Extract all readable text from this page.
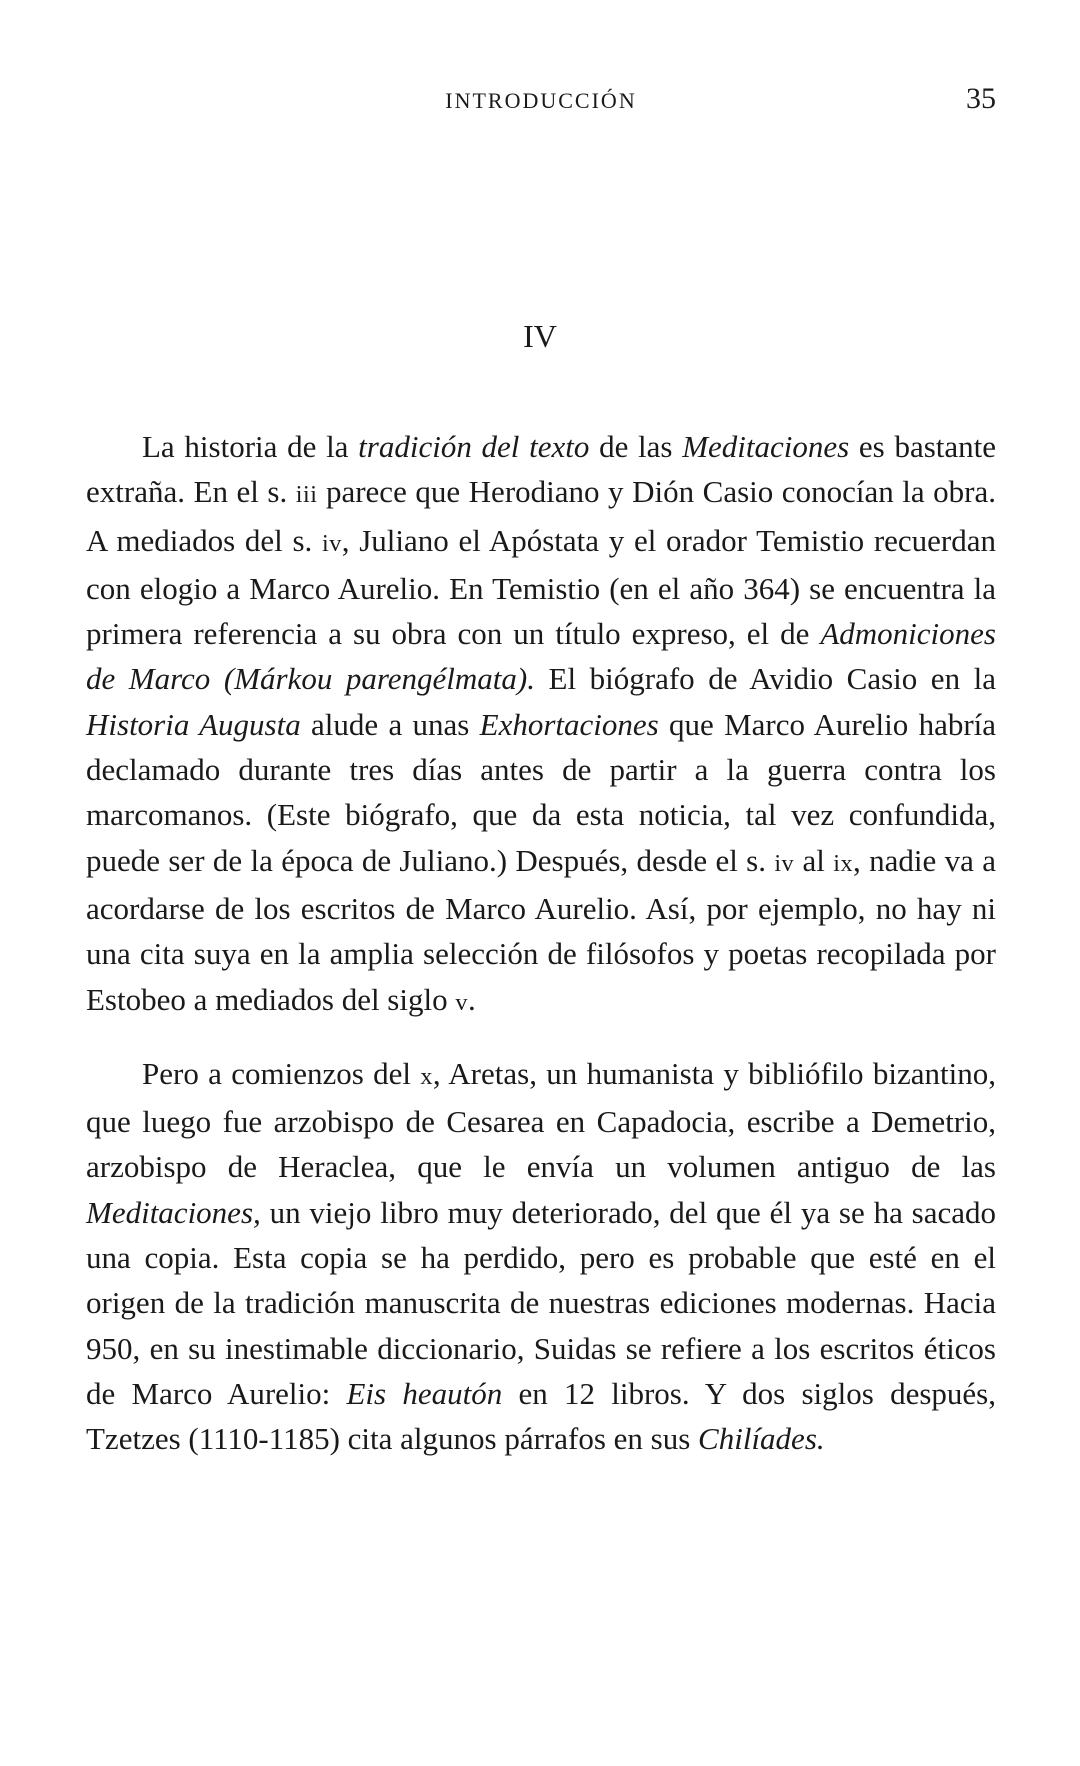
INTRODUCCIÓN	35
IV

La historia de la tradición del texto de las Meditaciones es bastante extraña. En el s. iii parece que Herodiano y Dión Casio conocían la obra. A mediados del s. iv, Juliano el Apóstata y el orador Temistio recuerdan con elogio a Marco Aurelio. En Temistio (en el año 364) se encuentra la primera referencia a su obra con un título expreso, el de Admoniciones de Marco (Márkou parengélmata). El biógrafo de Avidio Casio en la Historia Augusta alude a unas Exhortaciones que Marco Aurelio habría declamado durante tres días antes de partir a la guerra contra los marcomanos. (Este biógrafo, que da esta noticia, tal vez confundida, puede ser de la época de Juliano.) Después, desde el s. iv al ix, nadie va a acordarse de los escritos de Marco Aurelio. Así, por ejemplo, no hay ni una cita suya en la amplia selección de filósofos y poetas recopilada por Estobeo a mediados del siglo v.

Pero a comienzos del x, Aretas, un humanista y bibliófilo bizantino, que luego fue arzobispo de Cesarea en Capadocia, escribe a Demetrio, arzobispo de Heraclea, que le envía un volumen antiguo de las Meditaciones, un viejo libro muy deteriorado, del que él ya se ha sacado una copia. Esta copia se ha perdido, pero es probable que esté en el origen de la tradición manuscrita de nuestras ediciones modernas. Hacia 950, en su inestimable diccionario, Suidas se refiere a los escritos éticos de Marco Aurelio: Eis heautón en 12 libros. Y dos siglos después, Tzetzes (1110-1185) cita algunos párrafos en sus Chilíades.
